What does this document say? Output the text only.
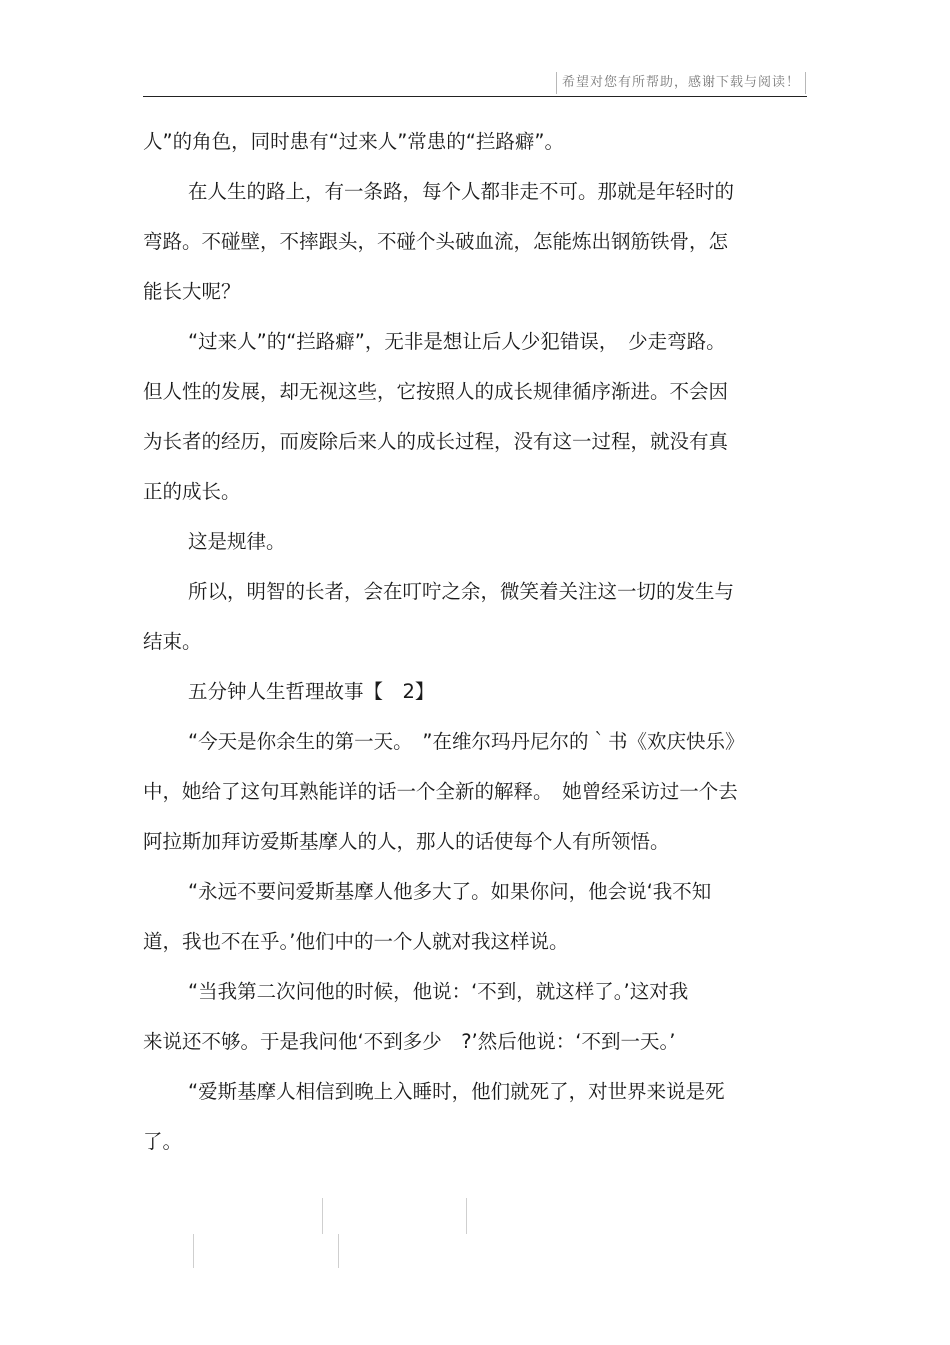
希望对您有所帮助，感谢下载与阅读！
人”的角色，同时患有“过来人”常患的“拦路癖”。
在人生的路上，有一条路，每个人都非走不可。那就是年轻时的
弯路。不碰壁，不摔跟头，不碰个头破血流，怎能炼出钢筋铁骨，怎
能长大呢？
“过来人”的“拦路癖”，无非是想让后人少犯错误，　少走弯路。
但人性的发展，却无视这些，它按照人的成长规律循序渐进。不会因
为长者的经历，而废除后来人的成长过程，没有这一过程，就没有真
正的成长。
这是规律。
所以，明智的长者，会在叮咛之余，微笑着关注这一切的发生与
结束。
五分钟人生哲理故事【　2】
“今天是你余生的第一天。　”在维尔玛丹尼尔的｀书《欢庆快乐》
中，她给了这句耳熟能详的话一个全新的解释。　她曾经采访过一个去
阿拉斯加拜访爱斯基摩人的人，那人的话使每个人有所领悟。
“永远不要问爱斯基摩人他多大了。如果你问，他会说‘我不知
道，我也不在乎。’他们中的一个人就对我这样说。
“当我第二次问他的时候，他说：‘不到，就这样了。’这对我
来说还不够。于是我问他‘不到多少　?’然后他说：‘不到一天。’
“爱斯基摩人相信到晚上入睡时，他们就死了，对世界来说是死
了。
